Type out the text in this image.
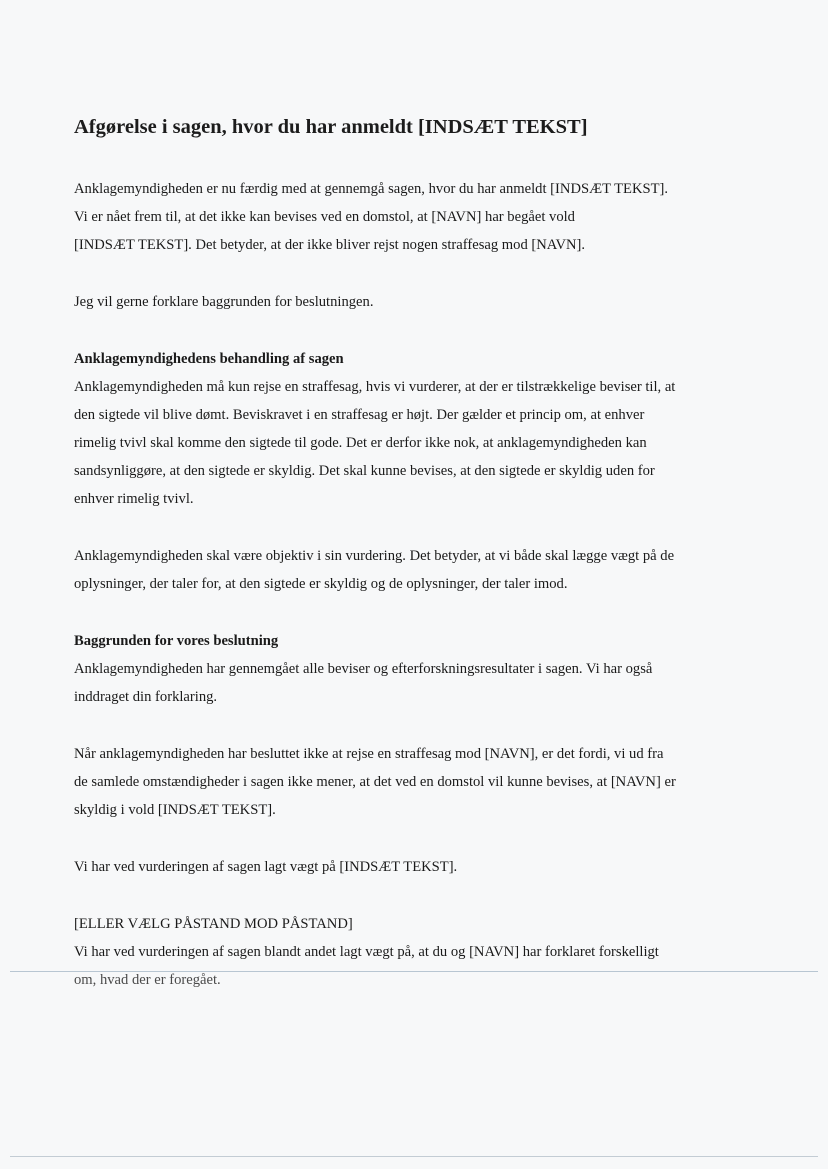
Afgørelse i sagen, hvor du har anmeldt [INDSÆT TEKST]

Anklagemyndigheden er nu færdig med at gennemgå sagen, hvor du har anmeldt [INDSÆT TEKST].
Vi er nået frem til, at det ikke kan bevises ved en domstol, at [NAVN] har begået vold
[INDSÆT TEKST]. Det betyder, at der ikke bliver rejst nogen straffesag mod [NAVN].

Jeg vil gerne forklare baggrunden for beslutningen.

Anklagemyndighedens behandling af sagen

Anklagemyndigheden må kun rejse en straffesag, hvis vi vurderer, at der er tilstrækkelige beviser til, at
den sigtede vil blive dømt. Beviskravet i en straffesag er højt. Der gælder et princip om, at enhver
rimelig tvivl skal komme den sigtede til gode. Det er derfor ikke nok, at anklagemyndigheden kan
sandsynliggøre, at den sigtede er skyldig. Det skal kunne bevises, at den sigtede er skyldig uden for
enhver rimelig tvivl.

Anklagemyndigheden skal være objektiv i sin vurdering. Det betyder, at vi både skal lægge vægt på de
oplysninger, der taler for, at den sigtede er skyldig og de oplysninger, der taler imod.

Baggrunden for vores beslutning

Anklagemyndigheden har gennemgået alle beviser og efterforskningsresultater i sagen. Vi har også
inddraget din forklaring.

Når anklagemyndigheden har besluttet ikke at rejse en straffesag mod [NAVN], er det fordi, vi ud fra
de samlede omstændigheder i sagen ikke mener, at det ved en domstol vil kunne bevises, at [NAVN] er
skyldig i vold [INDSÆT TEKST].

Vi har ved vurderingen af sagen lagt vægt på [INDSÆT TEKST].

[ELLER VÆLG PÅSTAND MOD PÅSTAND]

Vi har ved vurderingen af sagen blandt andet lagt vægt på, at du og [NAVN] har forklaret forskelligt
om, hvad der er foregået.
